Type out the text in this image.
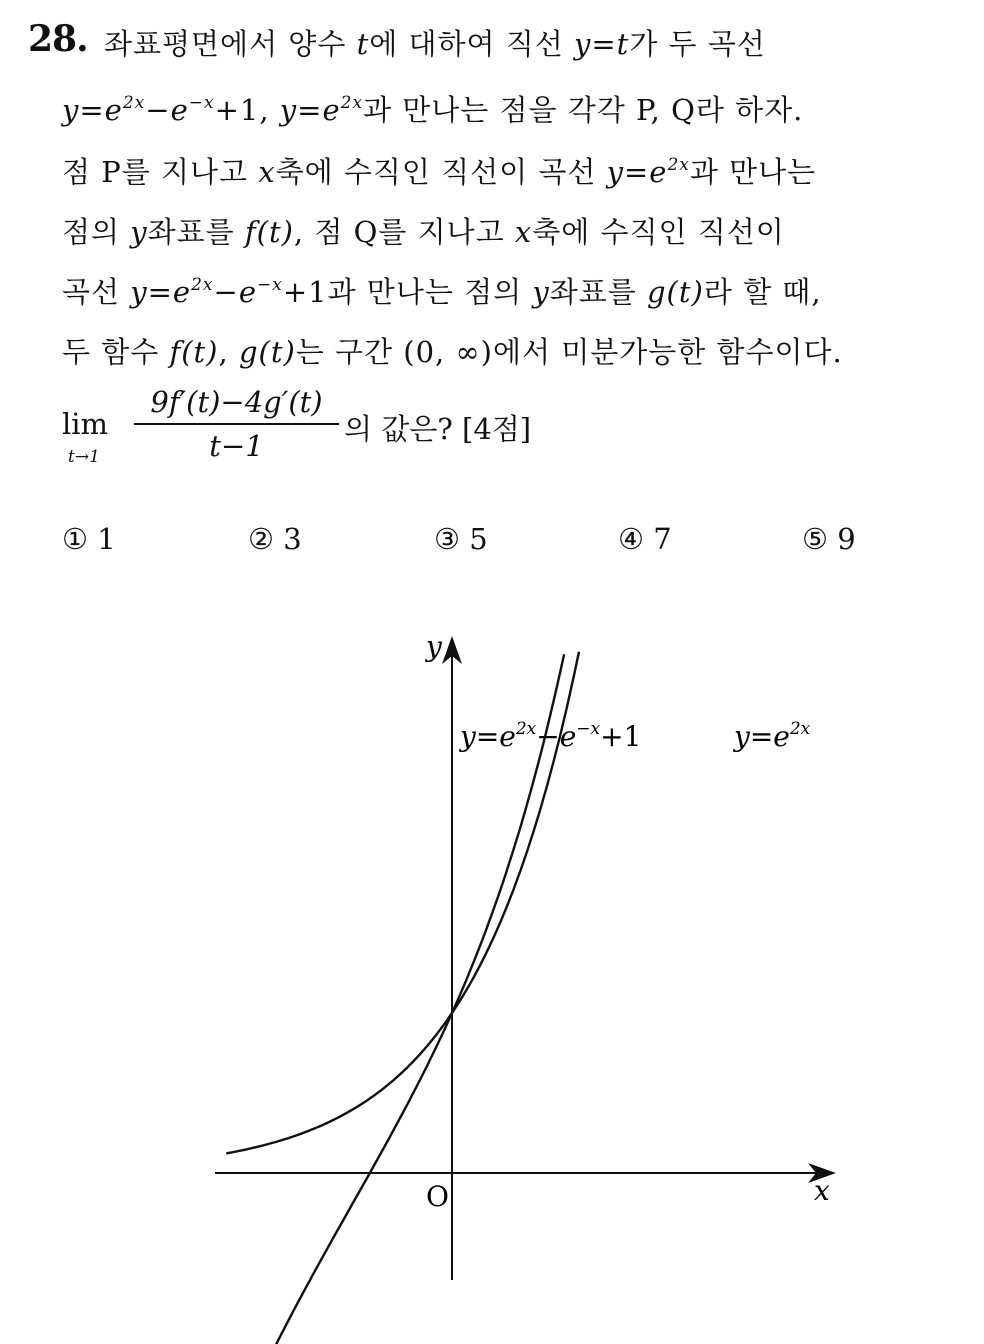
28. 좌표평면에서 양수 t에 대하여 직선 y=t가 두 곡선
$y=e^{2x}-e^{-x}+1$, $y=e^{2x}$과 만나는 점을 각각 P, Q라 하자.
점 P를 지나고 x축에 수직인 직선이 곡선 $y=e^{2x}$과 만나는
점의 y좌표를 f(t), 점 Q를 지나고 x축에 수직인 직선이
곡선 $y=e^{2x}-e^{-x}+1$과 만나는 점의 y좌표를 g(t)라 할 때,
두 함수 f(t), g(t)는 구간 (0, ∞)에서 미분가능한 함수이다.
lim
t→1
9f′(t)−4g′(t)
t−1	의 값은? [4점]
① 1	② 3	③ 5	④ 7	⑤ 9
y
x
O
$y=e^{2x}-e^{-x}+1$	$y=e^{2x}$
